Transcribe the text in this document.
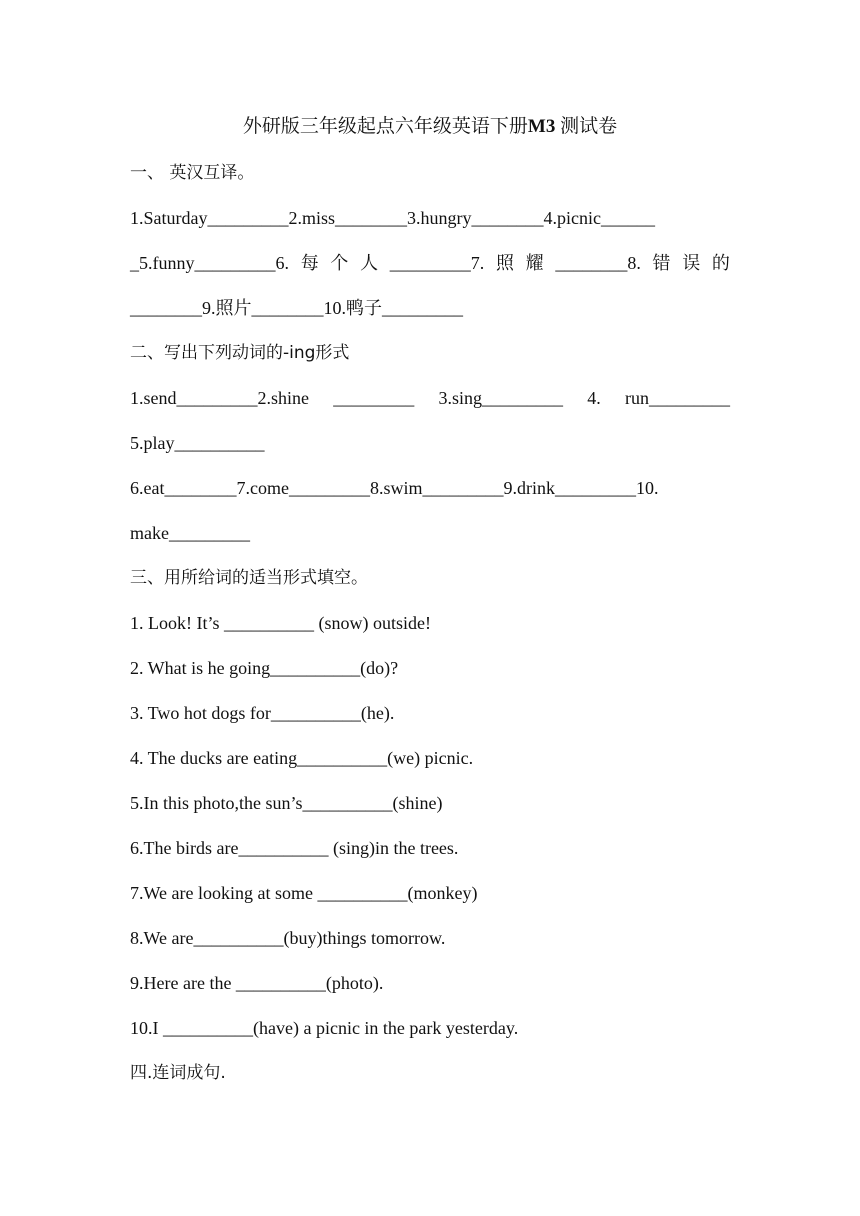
外研版三年级起点六年级英语下册M3 测试卷
一、 英汉互译。
1.Saturday_________2.miss________3.hungry________4.picnic______
_5.funny_________6. 每 个 人 _________7. 照 耀 ________8. 错 误 的
________9.照片________10.鸭子_________
二、写出下列动词的-ing形式
1.send_________2.shine _________ 3.sing_________ 4. run_________
5.play__________
6.eat________7.come_________8.swim_________9.drink_________10.
make_________
三、用所给词的适当形式填空。
1. Look! It’s __________ (snow) outside!
2. What is he going__________(do)?
3. Two hot dogs for__________(he).
4. The ducks are eating__________(we) picnic.
5.In this photo,the sun’s__________(shine)
6.The birds are__________ (sing)in the trees.
7.We are looking at some __________(monkey)
8.We are__________(buy)things tomorrow.
9.Here are the __________(photo).
10.I __________(have) a picnic in the park yesterday.
四.连词成句.
